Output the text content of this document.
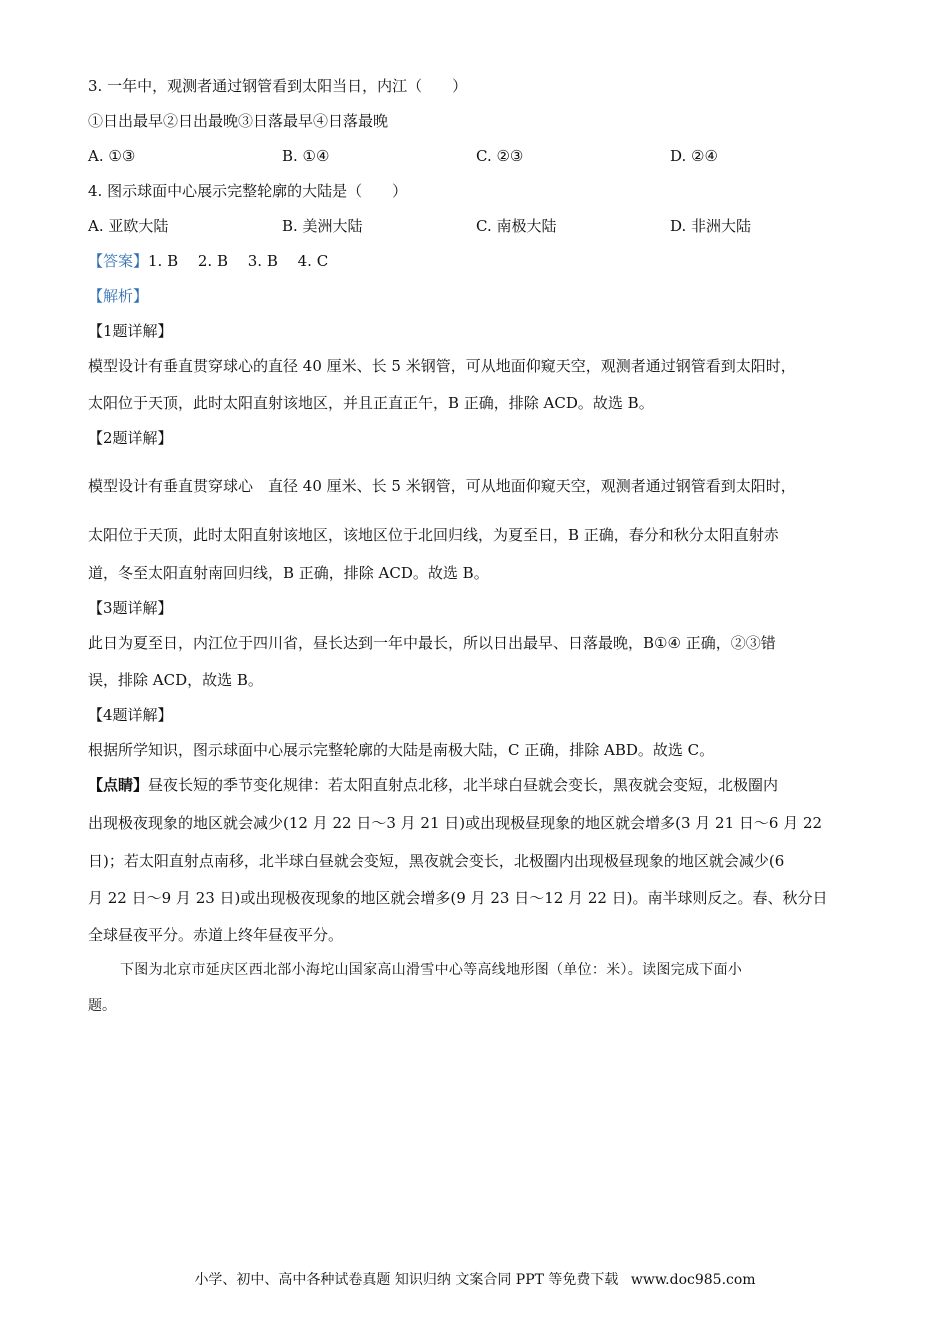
3. 一年中，观测者通过钢管看到太阳当日，内江（　　）
①日出最早②日出最晚③日落最早④日落最晚
A. ①③	B. ①④	C. ②③	D. ②④
4. 图示球面中心展示完整轮廓的大陆是（　　）
A. 亚欧大陆	B. 美洲大陆	C. 南极大陆	D. 非洲大陆
【答案】1. B　 2. B　 3. B　 4. C
【解析】
【1题详解】
模型设计有垂直贯穿球心的直径 40 厘米、长 5 米钢管，可从地面仰窥天空，观测者通过钢管看到太阳时，
太阳位于天顶，此时太阳直射该地区，并且正直正午，B 正确，排除 ACD。故选 B。
【2题详解】
模型设计有垂直贯穿球心　直径 40 厘米、长 5 米钢管，可从地面仰窥天空，观测者通过钢管看到太阳时，
太阳位于天顶，此时太阳直射该地区，该地区位于北回归线，为夏至日，B 正确，春分和秋分太阳直射赤
道，冬至太阳直射南回归线，B 正确，排除 ACD。故选 B。
【3题详解】
此日为夏至日，内江位于四川省，昼长达到一年中最长，所以日出最早、日落最晚，B①④ 正确，②③错
误，排除 ACD，故选 B。
【4题详解】
根据所学知识，图示球面中心展示完整轮廓的大陆是南极大陆，C 正确，排除 ABD。故选 C。
【点睛】昼夜长短的季节变化规律：若太阳直射点北移，北半球白昼就会变长，黑夜就会变短，北极圈内
出现极夜现象的地区就会减少(12 月 22 日～3 月 21 日)或出现极昼现象的地区就会增多(3 月 21 日～6 月 22
日)；若太阳直射点南移，北半球白昼就会变短，黑夜就会变长，北极圈内出现极昼现象的地区就会减少(6
月 22 日～9 月 23 日)或出现极夜现象的地区就会增多(9 月 23 日～12 月 22 日)。南半球则反之。春、秋分日
全球昼夜平分。赤道上终年昼夜平分。
下图为北京市延庆区西北部小海坨山国家高山滑雪中心等高线地形图（单位：米）。读图完成下面小
题。
小学、初中、高中各种试卷真题 知识归纳 文案合同 PPT 等免费下载 www.doc985.com
